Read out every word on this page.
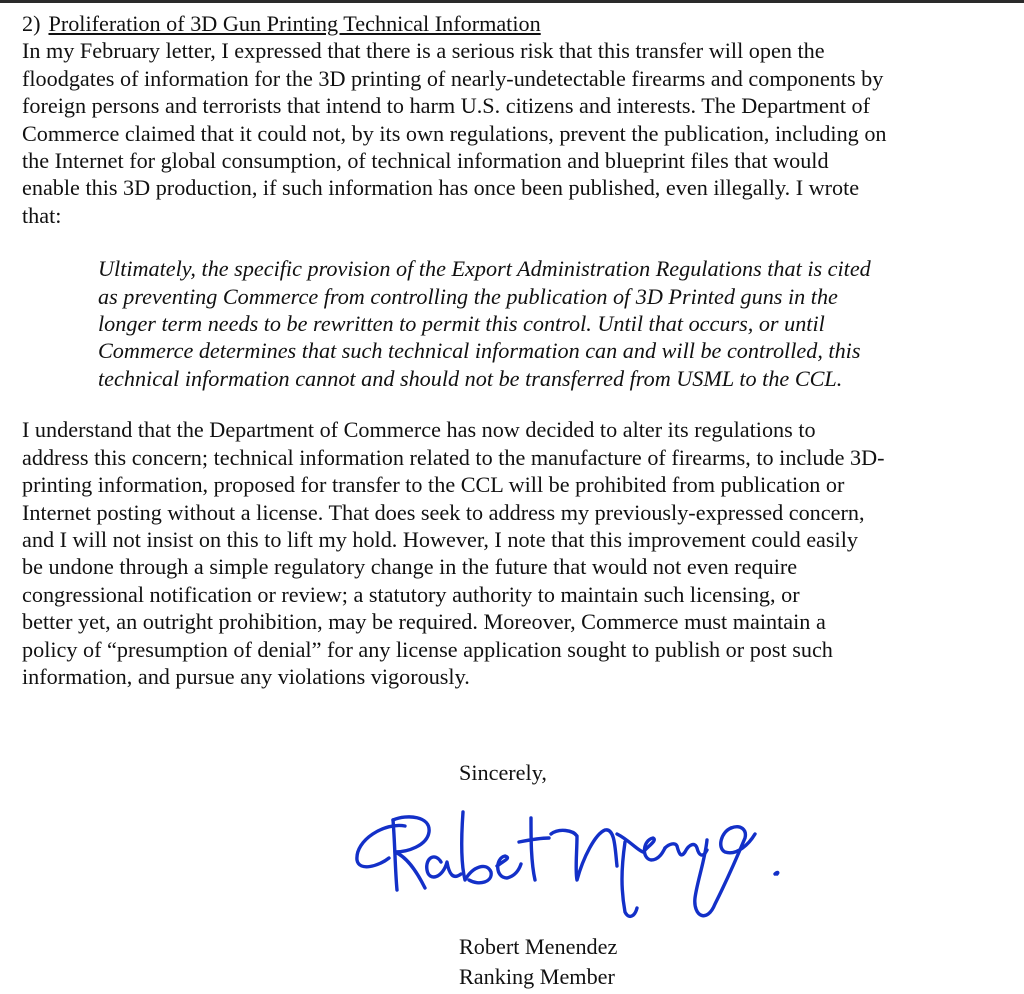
2) Proliferation of 3D Gun Printing Technical Information

In my February letter, I expressed that there is a serious risk that this transfer will open the
floodgates of information for the 3D printing of nearly-undetectable firearms and components by
foreign persons and terrorists that intend to harm U.S. citizens and interests. The Department of
Commerce claimed that it could not, by its own regulations, prevent the publication, including on
the Internet for global consumption, of technical information and blueprint files that would
enable this 3D production, if such information has once been published, even illegally. I wrote
that:
Ultimately, the specific provision of the Export Administration Regulations that is cited
as preventing Commerce from controlling the publication of 3D Printed guns in the
longer term needs to be rewritten to permit this control. Until that occurs, or until
Commerce determines that such technical information can and will be controlled, this
technical information cannot and should not be transferred from USML to the CCL.
I understand that the Department of Commerce has now decided to alter its regulations to
address this concern; technical information related to the manufacture of firearms, to include 3D-
printing information, proposed for transfer to the CCL will be prohibited from publication or
Internet posting without a license. That does seek to address my previously-expressed concern,
and I will not insist on this to lift my hold. However, I note that this improvement could easily
be undone through a simple regulatory change in the future that would not even require
congressional notification or review; a statutory authority to maintain such licensing, or
better yet, an outright prohibition, may be required. Moreover, Commerce must maintain a
policy of “presumption of denial” for any license application sought to publish or post such
information, and pursue any violations vigorously.
Sincerely,
Robert Menendez
Ranking Member
